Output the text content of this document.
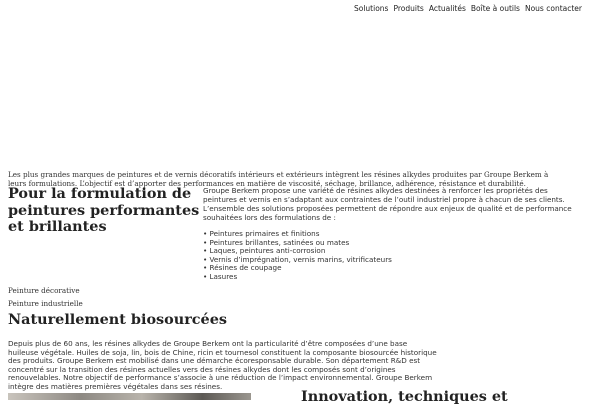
Solutions Produits Actualités Boîte à outils Nous contacter

Les plus grandes marques de peintures et de vernis décoratifs intérieurs et extérieurs intègrent les résines alkydes produites par Groupe Berkem à leurs formulations. L’objectif est d’apporter des performances en matière de viscosité, séchage, brillance, adhérence, résistance et durabilité.

Pour la formulation de peintures performantes et brillantes

Groupe Berkem propose une variété de résines alkydes destinées à renforcer les propriétés des peintures et vernis en s’adaptant aux contraintes de l’outil industriel propre à chacun de ses clients. L’ensemble des solutions proposées permettent de répondre aux enjeux de qualité et de performance souhaitées lors des formulations de :

• Peintures primaires et finitions
• Peintures brillantes, satinées ou mates
• Laques, peintures anti-corrosion
• Vernis d’imprégnation, vernis marins, vitrificateurs
• Résines de coupage
• Lasures
Peinture décorative
Peinture industrielle
Naturellement biosourcées

Depuis plus de 60 ans, les résines alkydes de Groupe Berkem ont la particularité d’être composées d’une base huileuse végétale. Huiles de soja, lin, bois de Chine, ricin et tournesol constituent la composante biosourcée historique des produits. Groupe Berkem est mobilisé dans une démarche écoresponsable durable. Son département R&D est concentré sur la transition des résines actuelles vers des résines alkydes dont les composés sont d’origines renouvelables. Notre objectif de performance s’associe à une réduction de l’impact environnemental. Groupe Berkem intègre des matières premières végétales dans ses résines.

Innovation, techniques et
